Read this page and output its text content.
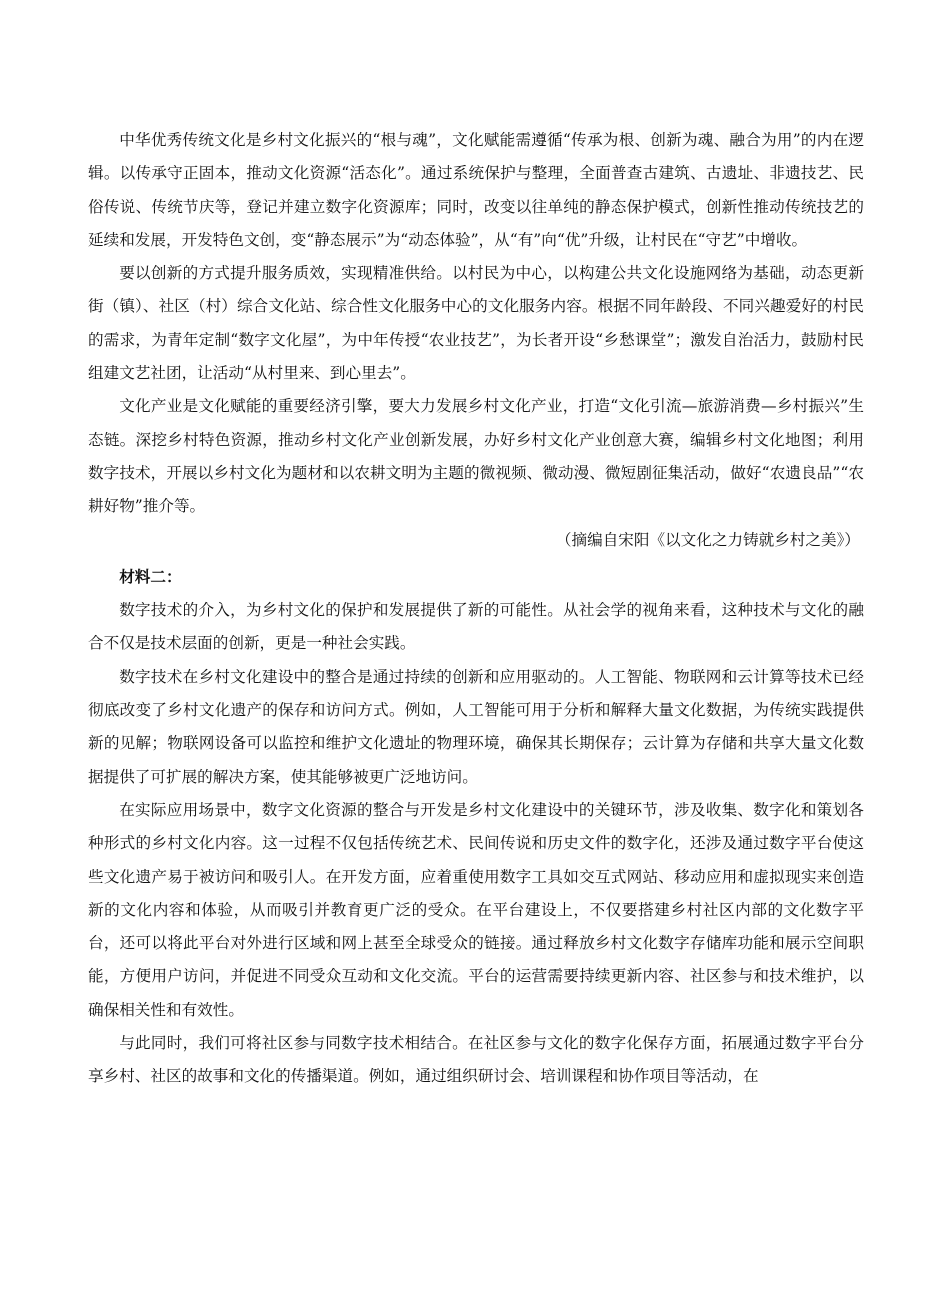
中华优秀传统文化是乡村文化振兴的“根与魂”，文化赋能需遵循“传承为根、创新为魂、融合为用”的内在逻辑。以传承守正固本，推动文化资源“活态化”。通过系统保护与整理，全面普查古建筑、古遗址、非遗技艺、民俗传说、传统节庆等，登记并建立数字化资源库；同时，改变以往单纯的静态保护模式，创新性推动传统技艺的延续和发展，开发特色文创，变“静态展示”为“动态体验”，从“有”向“优”升级，让村民在“守艺”中增收。

要以创新的方式提升服务质效，实现精准供给。以村民为中心，以构建公共文化设施网络为基础，动态更新街（镇）、社区（村）综合文化站、综合性文化服务中心的文化服务内容。根据不同年龄段、不同兴趣爱好的村民的需求，为青年定制“数字文化屋”，为中年传授“农业技艺”，为长者开设“乡愁课堂”；激发自治活力，鼓励村民组建文艺社团，让活动“从村里来、到心里去”。

文化产业是文化赋能的重要经济引擎，要大力发展乡村文化产业，打造“文化引流—旅游消费—乡村振兴”生态链。深挖乡村特色资源，推动乡村文化产业创新发展，办好乡村文化产业创意大赛，编辑乡村文化地图；利用数字技术，开展以乡村文化为题材和以农耕文明为主题的微视频、微动漫、微短剧征集活动，做好“农遗良品”“农耕好物”推介等。

（摘编自宋阳《以文化之力铸就乡村之美》）

材料二：

数字技术的介入，为乡村文化的保护和发展提供了新的可能性。从社会学的视角来看，这种技术与文化的融合不仅是技术层面的创新，更是一种社会实践。

数字技术在乡村文化建设中的整合是通过持续的创新和应用驱动的。人工智能、物联网和云计算等技术已经彻底改变了乡村文化遗产的保存和访问方式。例如，人工智能可用于分析和解释大量文化数据，为传统实践提供新的见解；物联网设备可以监控和维护文化遗址的物理环境，确保其长期保存；云计算为存储和共享大量文化数据提供了可扩展的解决方案，使其能够被更广泛地访问。

在实际应用场景中，数字文化资源的整合与开发是乡村文化建设中的关键环节，涉及收集、数字化和策划各种形式的乡村文化内容。这一过程不仅包括传统艺术、民间传说和历史文件的数字化，还涉及通过数字平台使这些文化遗产易于被访问和吸引人。在开发方面，应着重使用数字工具如交互式网站、移动应用和虚拟现实来创造新的文化内容和体验，从而吸引并教育更广泛的受众。在平台建设上，不仅要搭建乡村社区内部的文化数字平台，还可以将此平台对外进行区域和网上甚至全球受众的链接。通过释放乡村文化数字存储库功能和展示空间职能，方便用户访问，并促进不同受众互动和文化交流。平台的运营需要持续更新内容、社区参与和技术维护，以确保相关性和有效性。

与此同时，我们可将社区参与同数字技术相结合。在社区参与文化的数字化保存方面，拓展通过数字平台分享乡村、社区的故事和文化的传播渠道。例如，通过组织研讨会、培训课程和协作项目等活动，在
